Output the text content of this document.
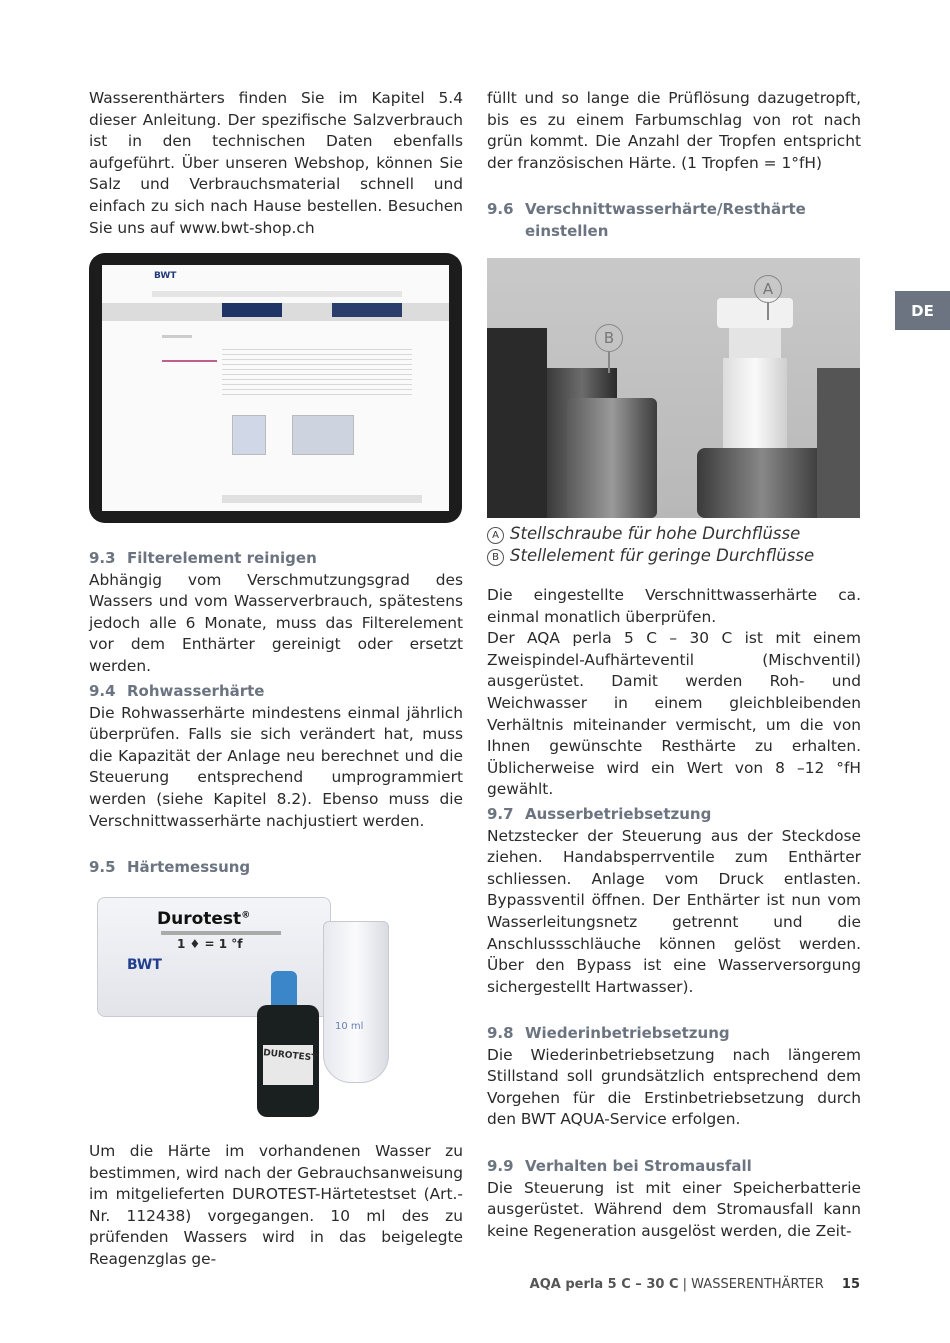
Wasserenthärters finden Sie im Kapitel 5.4 dieser Anleitung. Der spezifische Salzverbrauch ist in den technischen Daten ebenfalls aufgeführt. Über unseren Webshop, können Sie Salz und Verbrauchsmaterial schnell und einfach zu sich nach Hause bestellen. Besuchen Sie uns auf www.bwt-shop.ch

BWT
9.3 Filterelement reinigen

Abhängig vom Verschmutzungsgrad des Wassers und vom Wasserverbrauch, spätestens jedoch alle 6 Monate, muss das Filterelement vor dem Enthärter gereinigt oder ersetzt werden.

9.4 Rohwasserhärte

Die Rohwasserhärte mindestens einmal jährlich überprüfen. Falls sie sich verändert hat, muss die Kapazität der Anlage neu berechnet und die Steuerung entsprechend umprogrammiert werden (siehe Kapitel 8.2). Ebenso muss die Verschnittwasserhärte nachjustiert werden.

9.5 Härtemessung
Durotest®
1 ♦ = 1 °f
BWT
10 ml
DUROTEST

Um die Härte im vorhandenen Wasser zu bestimmen, wird nach der Gebrauchsanweisung im mitgelieferten DUROTEST-Härtetestset (Art.-Nr. 112438) vorgegangen. 10 ml des zu prüfenden Wassers wird in das beigelegte Reagenzglas ge-

füllt und so lange die Prüflösung dazugetropft, bis es zu einem Farbumschlag von rot nach grün kommt. Die Anzahl der Tropfen entspricht der französischen Härte. (1 Tropfen = 1°fH)

9.6 Verschnittwasserhärte/Resthärte
einstellen
B
A
A Stellschraube für hohe Durchflüsse
B Stellelement für geringe Durchflüsse

Die eingestellte Verschnittwasserhärte ca. einmal monatlich überprüfen.

Der AQA perla 5 C – 30 C ist mit einem Zweispindel-Aufhärteventil (Mischventil) ausgerüstet. Damit werden Roh- und Weichwasser in einem gleichbleibenden Verhältnis miteinander vermischt, um die von Ihnen gewünschte Resthärte zu erhalten. Üblicherweise wird ein Wert von 8 –12 °fH gewählt.

9.7 Ausserbetriebsetzung

Netzstecker der Steuerung aus der Steckdose ziehen. Handabsperrventile zum Enthärter schliessen. Anlage vom Druck entlasten. Bypassventil öffnen. Der Enthärter ist nun vom Wasserleitungsnetz getrennt und die Anschlussschläuche können gelöst werden. Über den Bypass ist eine Wasserversorgung sichergestellt Hartwasser).

9.8 Wiederinbetriebsetzung

Die Wiederinbetriebsetzung nach längerem Stillstand soll grundsätzlich entsprechend dem Vorgehen für die Erstinbetriebsetzung durch den BWT AQUA-Service erfolgen.

9.9 Verhalten bei Stromausfall

Die Steuerung ist mit einer Speicherbatterie ausgerüstet. Während dem Stromausfall kann keine Regeneration ausgelöst werden, die Zeit-

DE
AQA perla 5 C – 30 C | WASSERENTHÄRTER 15
